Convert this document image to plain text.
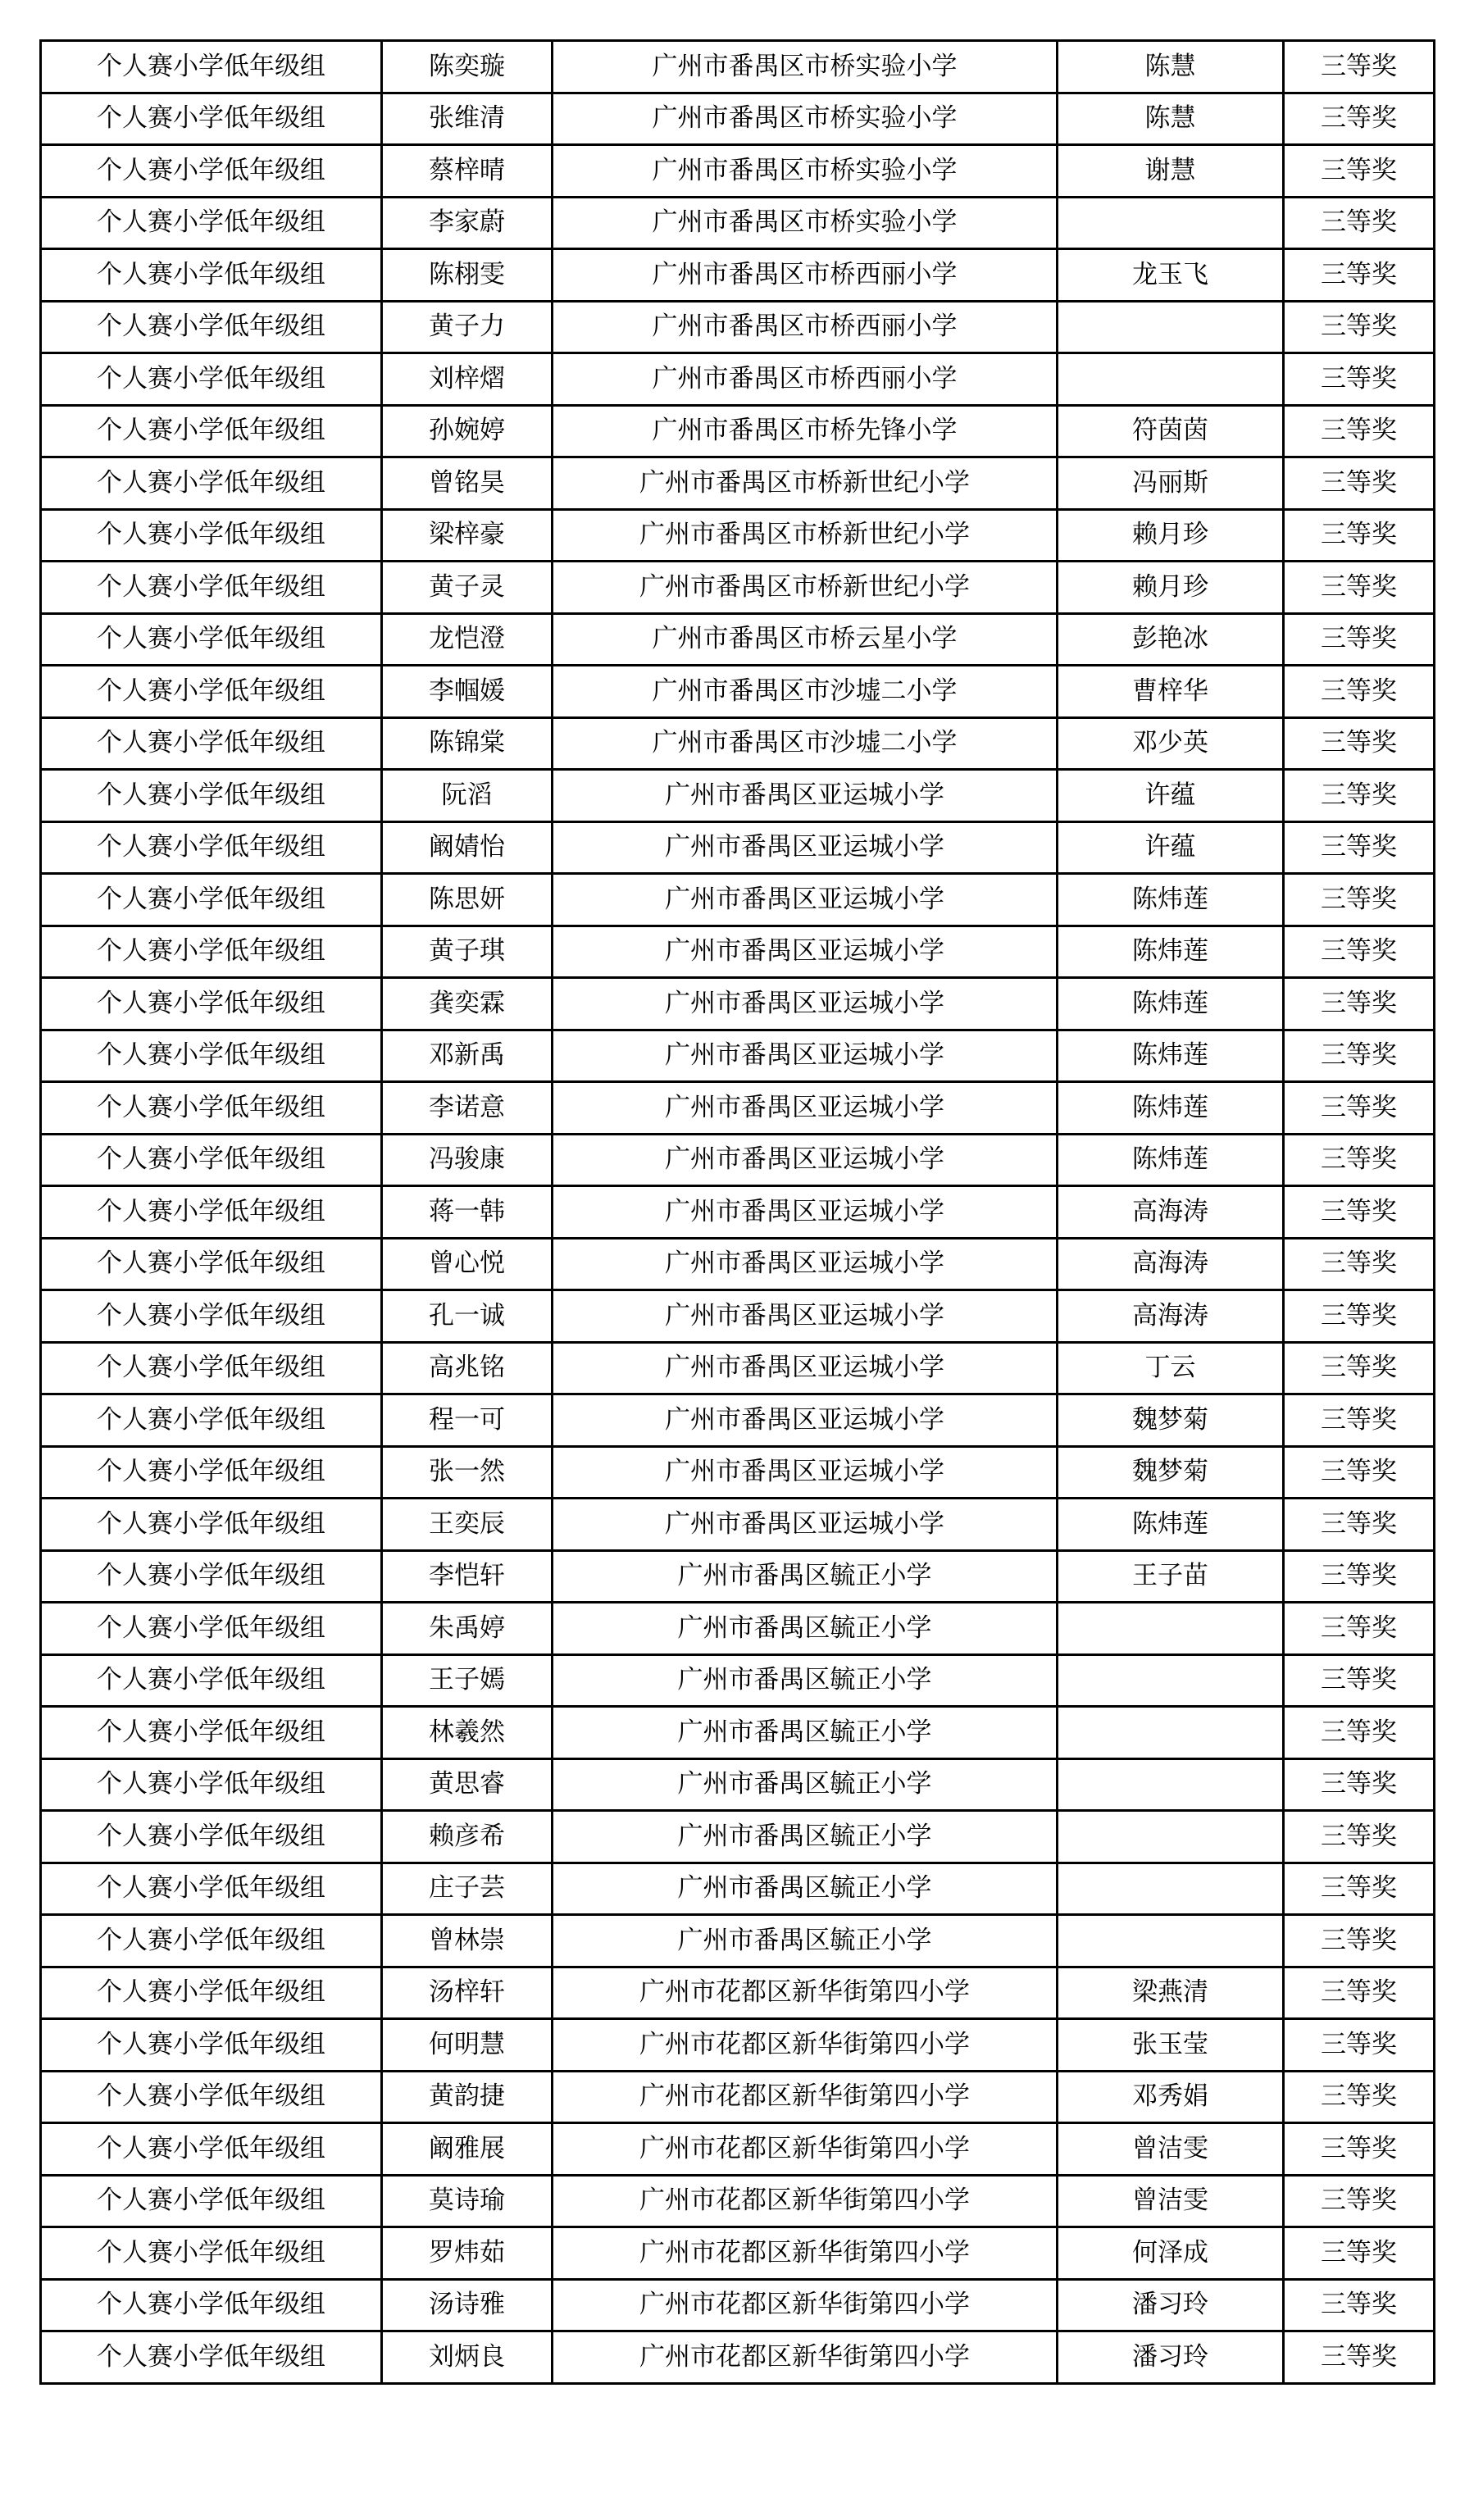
个人赛小学低年级组	陈奕璇	广州市番禺区市桥实验小学	陈慧	三等奖
个人赛小学低年级组	张维清	广州市番禺区市桥实验小学	陈慧	三等奖
个人赛小学低年级组	蔡梓晴	广州市番禺区市桥实验小学	谢慧	三等奖
个人赛小学低年级组	李家蔚	广州市番禺区市桥实验小学		三等奖
个人赛小学低年级组	陈栩雯	广州市番禺区市桥西丽小学	龙玉飞	三等奖
个人赛小学低年级组	黄子力	广州市番禺区市桥西丽小学		三等奖
个人赛小学低年级组	刘梓熠	广州市番禺区市桥西丽小学		三等奖
个人赛小学低年级组	孙婉婷	广州市番禺区市桥先锋小学	符茵茵	三等奖
个人赛小学低年级组	曾铭昊	广州市番禺区市桥新世纪小学	冯丽斯	三等奖
个人赛小学低年级组	梁梓豪	广州市番禺区市桥新世纪小学	赖月珍	三等奖
个人赛小学低年级组	黄子灵	广州市番禺区市桥新世纪小学	赖月珍	三等奖
个人赛小学低年级组	龙恺澄	广州市番禺区市桥云星小学	彭艳冰	三等奖
个人赛小学低年级组	李帼媛	广州市番禺区市沙墟二小学	曹梓华	三等奖
个人赛小学低年级组	陈锦棠	广州市番禺区市沙墟二小学	邓少英	三等奖
个人赛小学低年级组	阮滔	广州市番禺区亚运城小学	许蕴	三等奖
个人赛小学低年级组	阚婧怡	广州市番禺区亚运城小学	许蕴	三等奖
个人赛小学低年级组	陈思妍	广州市番禺区亚运城小学	陈炜莲	三等奖
个人赛小学低年级组	黄子琪	广州市番禺区亚运城小学	陈炜莲	三等奖
个人赛小学低年级组	龚奕霖	广州市番禺区亚运城小学	陈炜莲	三等奖
个人赛小学低年级组	邓新禹	广州市番禺区亚运城小学	陈炜莲	三等奖
个人赛小学低年级组	李诺意	广州市番禺区亚运城小学	陈炜莲	三等奖
个人赛小学低年级组	冯骏康	广州市番禺区亚运城小学	陈炜莲	三等奖
个人赛小学低年级组	蒋一韩	广州市番禺区亚运城小学	高海涛	三等奖
个人赛小学低年级组	曾心悦	广州市番禺区亚运城小学	高海涛	三等奖
个人赛小学低年级组	孔一诚	广州市番禺区亚运城小学	高海涛	三等奖
个人赛小学低年级组	高兆铭	广州市番禺区亚运城小学	丁云	三等奖
个人赛小学低年级组	程一可	广州市番禺区亚运城小学	魏梦菊	三等奖
个人赛小学低年级组	张一然	广州市番禺区亚运城小学	魏梦菊	三等奖
个人赛小学低年级组	王奕辰	广州市番禺区亚运城小学	陈炜莲	三等奖
个人赛小学低年级组	李恺轩	广州市番禺区毓正小学	王子苗	三等奖
个人赛小学低年级组	朱禹婷	广州市番禺区毓正小学		三等奖
个人赛小学低年级组	王子嫣	广州市番禺区毓正小学		三等奖
个人赛小学低年级组	林羲然	广州市番禺区毓正小学		三等奖
个人赛小学低年级组	黄思睿	广州市番禺区毓正小学		三等奖
个人赛小学低年级组	赖彦希	广州市番禺区毓正小学		三等奖
个人赛小学低年级组	庄子芸	广州市番禺区毓正小学		三等奖
个人赛小学低年级组	曾林崇	广州市番禺区毓正小学		三等奖
个人赛小学低年级组	汤梓轩	广州市花都区新华街第四小学	梁燕清	三等奖
个人赛小学低年级组	何明慧	广州市花都区新华街第四小学	张玉莹	三等奖
个人赛小学低年级组	黄韵捷	广州市花都区新华街第四小学	邓秀娟	三等奖
个人赛小学低年级组	阚雅展	广州市花都区新华街第四小学	曾洁雯	三等奖
个人赛小学低年级组	莫诗瑜	广州市花都区新华街第四小学	曾洁雯	三等奖
个人赛小学低年级组	罗炜茹	广州市花都区新华街第四小学	何泽成	三等奖
个人赛小学低年级组	汤诗雅	广州市花都区新华街第四小学	潘习玲	三等奖
个人赛小学低年级组	刘炳良	广州市花都区新华街第四小学	潘习玲	三等奖
